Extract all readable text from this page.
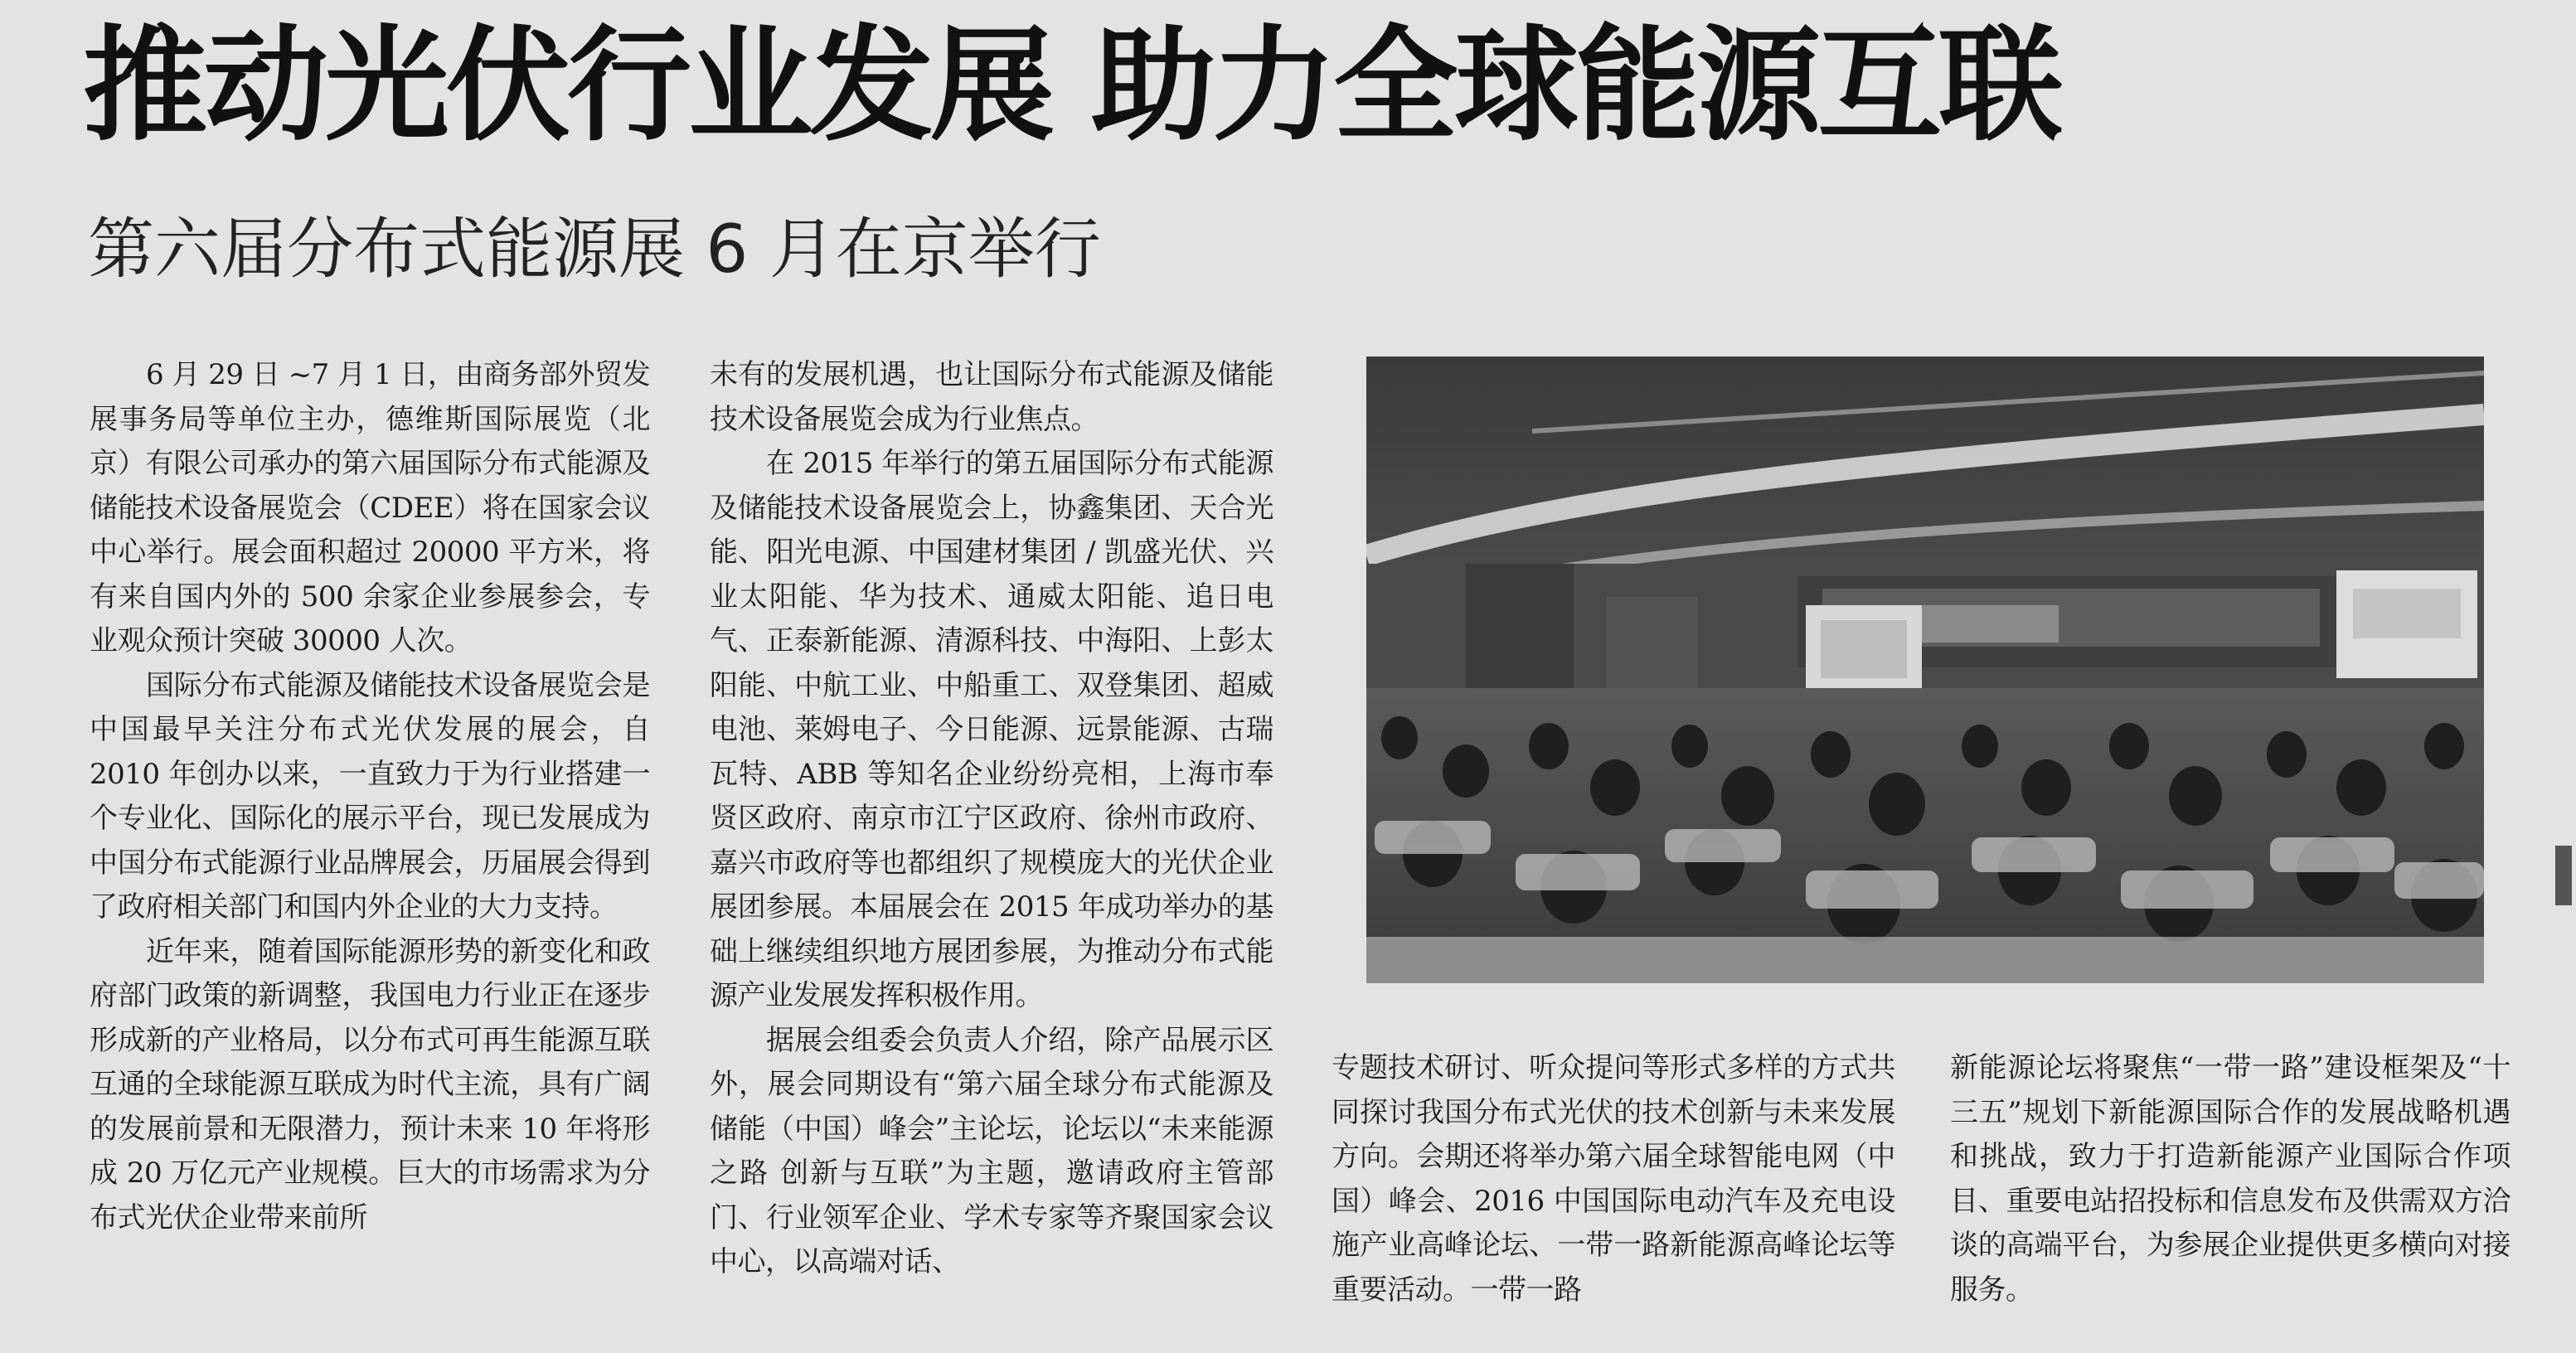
推动光伏行业发展 助力全球能源互联
第六届分布式能源展 6 月在京举行

6 月 29 日 ~7 月 1 日，由商务部外贸发展事务局等单位主办，德维斯国际展览（北京）有限公司承办的第六届国际分布式能源及储能技术设备展览会（CDEE）将在国家会议中心举行。展会面积超过 20000 平方米，将有来自国内外的 500 余家企业参展参会，专业观众预计突破 30000 人次。

国际分布式能源及储能技术设备展览会是中国最早关注分布式光伏发展的展会，自 2010 年创办以来，一直致力于为行业搭建一个专业化、国际化的展示平台，现已发展成为中国分布式能源行业品牌展会，历届展会得到了政府相关部门和国内外企业的大力支持。

近年来，随着国际能源形势的新变化和政府部门政策的新调整，我国电力行业正在逐步形成新的产业格局，以分布式可再生能源互联互通的全球能源互联成为时代主流，具有广阔的发展前景和无限潜力，预计未来 10 年将形成 20 万亿元产业规模。巨大的市场需求为分布式光伏企业带来前所

未有的发展机遇，也让国际分布式能源及储能技术设备展览会成为行业焦点。

在 2015 年举行的第五届国际分布式能源及储能技术设备展览会上，协鑫集团、天合光能、阳光电源、中国建材集团 / 凯盛光伏、兴业太阳能、华为技术、通威太阳能、追日电气、正泰新能源、清源科技、中海阳、上彭太阳能、中航工业、中船重工、双登集团、超威电池、莱姆电子、今日能源、远景能源、古瑞瓦特、ABB 等知名企业纷纷亮相，上海市奉贤区政府、南京市江宁区政府、徐州市政府、嘉兴市政府等也都组织了规模庞大的光伏企业展团参展。本届展会在 2015 年成功举办的基础上继续组织地方展团参展，为推动分布式能源产业发展发挥积极作用。

据展会组委会负责人介绍，除产品展示区外，展会同期设有“第六届全球分布式能源及储能（中国）峰会”主论坛，论坛以“未来能源之路 创新与互联”为主题，邀请政府主管部门、行业领军企业、学术专家等齐聚国家会议中心，以高端对话、

专题技术研讨、听众提问等形式多样的方式共同探讨我国分布式光伏的技术创新与未来发展方向。会期还将举办第六届全球智能电网（中国）峰会、2016 中国国际电动汽车及充电设施产业高峰论坛、一带一路新能源高峰论坛等重要活动。一带一路

新能源论坛将聚焦“一带一路”建设框架及“十三五”规划下新能源国际合作的发展战略机遇和挑战，致力于打造新能源产业国际合作项目、重要电站招投标和信息发布及供需双方洽谈的高端平台，为参展企业提供更多横向对接服务。
